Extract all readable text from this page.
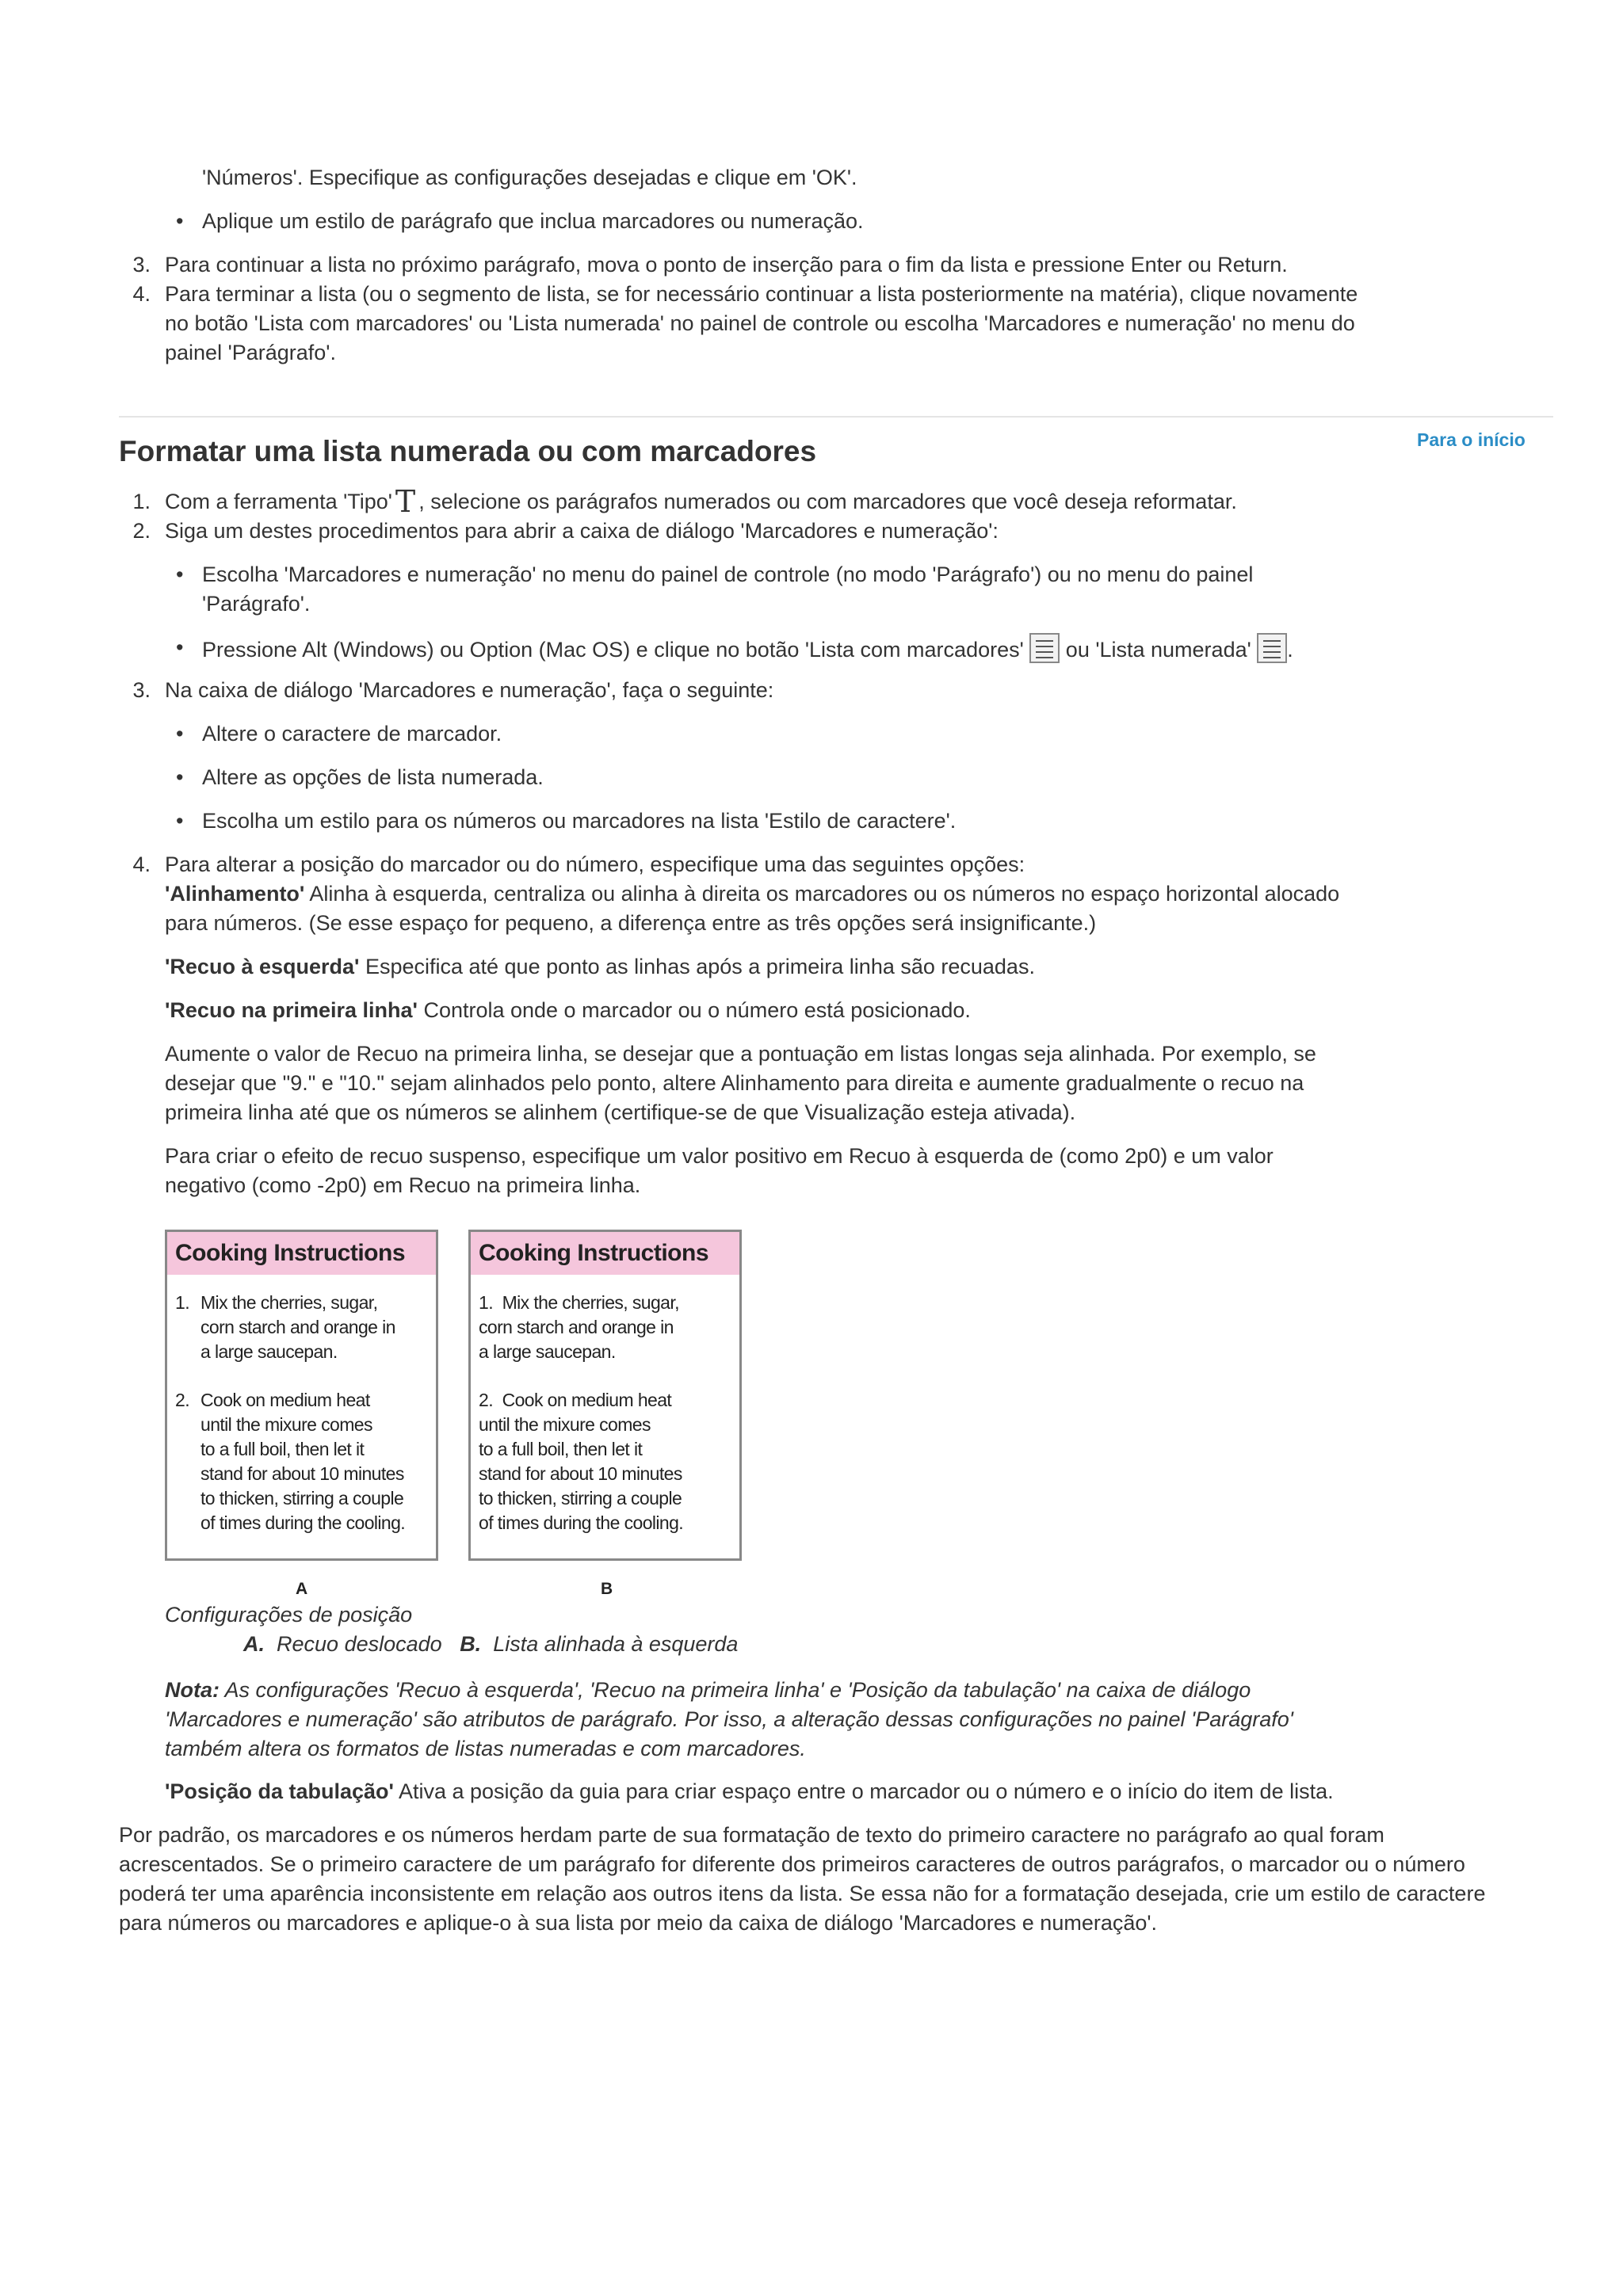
'Números'. Especifique as configurações desejadas e clique em 'OK'.

• Aplique um estilo de parágrafo que inclua marcadores ou numeração.

3. Para continuar a lista no próximo parágrafo, mova o ponto de inserção para o fim da lista e pressione Enter ou Return.
4. Para terminar a lista (ou o segmento de lista, se for necessário continuar a lista posteriormente na matéria), clique novamente
no botão 'Lista com marcadores' ou 'Lista numerada' no painel de controle ou escolha 'Marcadores e numeração' no menu do
painel 'Parágrafo'.
Para o início
Formatar uma lista numerada ou com marcadores
1. Com a ferramenta 'Tipo' T , selecione os parágrafos numerados ou com marcadores que você deseja reformatar.
2. Siga um destes procedimentos para abrir a caixa de diálogo 'Marcadores e numeração':
• Escolha 'Marcadores e numeração' no menu do painel de controle (no modo 'Parágrafo') ou no menu do painel
'Parágrafo'.
• Pressione Alt (Windows) ou Option (Mac OS) e clique no botão 'Lista com marcadores' ou 'Lista numerada' .
3. Na caixa de diálogo 'Marcadores e numeração', faça o seguinte:

• Altere o caractere de marcador.

• Altere as opções de lista numerada.

• Escolha um estilo para os números ou marcadores na lista 'Estilo de caractere'.

4. Para alterar a posição do marcador ou do número, especifique uma das seguintes opções:
'Alinhamento' Alinha à esquerda, centraliza ou alinha à direita os marcadores ou os números no espaço horizontal alocado
para números. (Se esse espaço for pequeno, a diferença entre as três opções será insignificante.)
'Recuo à esquerda' Especifica até que ponto as linhas após a primeira linha são recuadas.
'Recuo na primeira linha' Controla onde o marcador ou o número está posicionado.
Aumente o valor de Recuo na primeira linha, se desejar que a pontuação em listas longas seja alinhada. Por exemplo, se
desejar que "9." e "10." sejam alinhados pelo ponto, altere Alinhamento para direita e aumente gradualmente o recuo na
primeira linha até que os números se alinhem (certifique-se de que Visualização esteja ativada).
Para criar o efeito de recuo suspenso, especifique um valor positivo em Recuo à esquerda de (como 2p0) e um valor
negativo (como -2p0) em Recuo na primeira linha.
Cooking Instructions
1. Mix the cherries, sugar,
corn starch and orange in
a large saucepan.
2. Cook on medium heat
until the mixure comes
to a full boil, then let it
stand for about 10 minutes
to thicken, stirring a couple
of times during the cooling.
Cooking Instructions
1. Mix the cherries, sugar,
corn starch and orange in
a large saucepan.
2. Cook on medium heat
until the mixure comes
to a full boil, then let it
stand for about 10 minutes
to thicken, stirring a couple
of times during the cooling.
A	B
Configurações de posição
A. Recuo deslocado B. Lista alinhada à esquerda
Nota: As configurações 'Recuo à esquerda', 'Recuo na primeira linha' e 'Posição da tabulação' na caixa de diálogo
'Marcadores e numeração' são atributos de parágrafo. Por isso, a alteração dessas configurações no painel 'Parágrafo'
também altera os formatos de listas numeradas e com marcadores.
'Posição da tabulação' Ativa a posição da guia para criar espaço entre o marcador ou o número e o início do item de lista.
Por padrão, os marcadores e os números herdam parte de sua formatação de texto do primeiro caractere no parágrafo ao qual foram
acrescentados. Se o primeiro caractere de um parágrafo for diferente dos primeiros caracteres de outros parágrafos, o marcador ou o número
poderá ter uma aparência inconsistente em relação aos outros itens da lista. Se essa não for a formatação desejada, crie um estilo de caractere
para números ou marcadores e aplique-o à sua lista por meio da caixa de diálogo 'Marcadores e numeração'.
